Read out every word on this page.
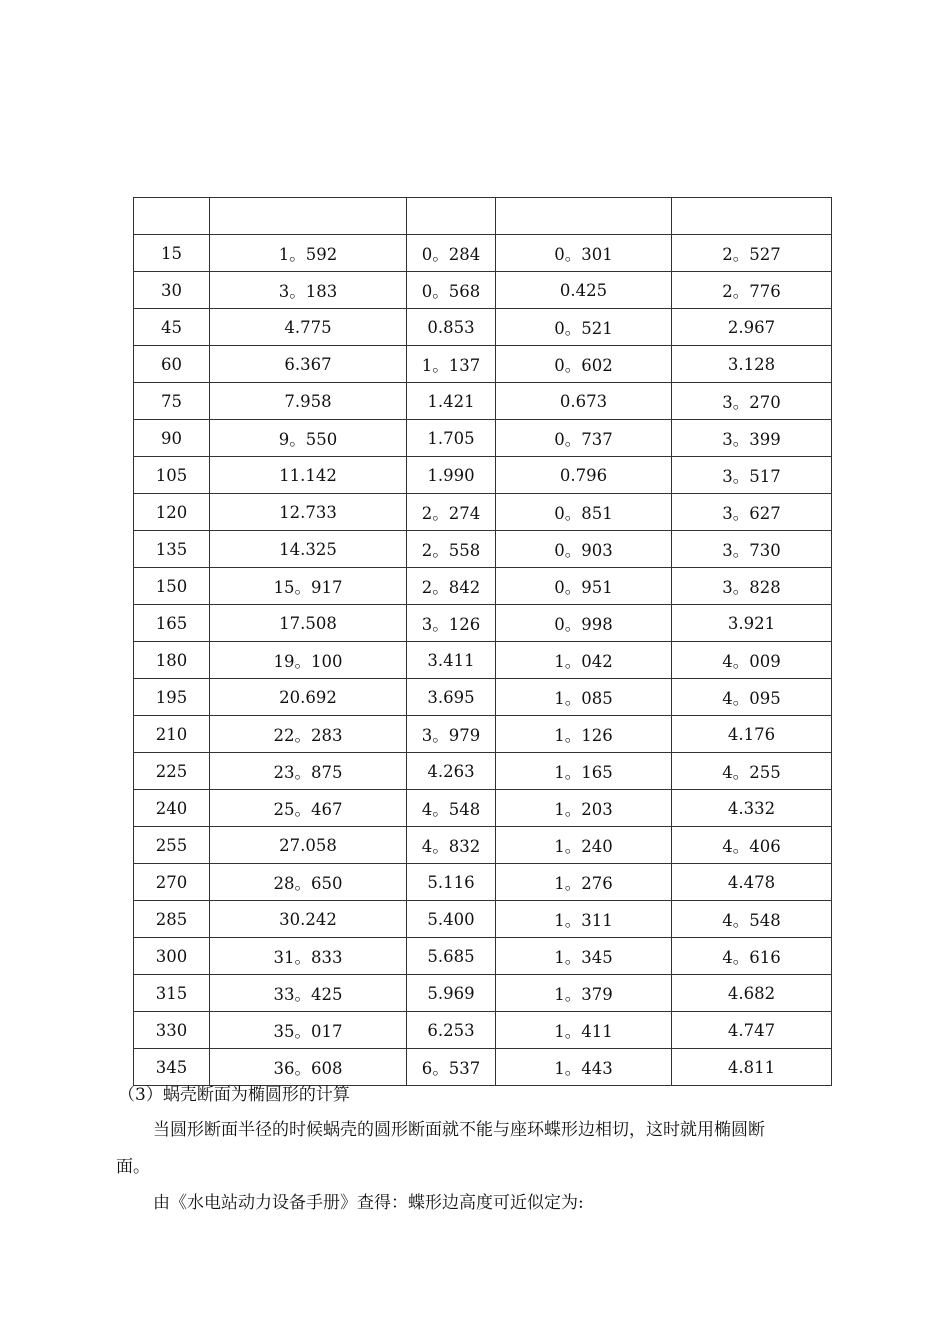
15	1。592	0。284	0。301	2。527
30	3。183	0。568	0.425	2。776
45	4.775	0.853	0。521	2.967
60	6.367	1。137	0。602	3.128
75	7.958	1.421	0.673	3。270
90	9。550	1.705	0。737	3。399
105	11.142	1.990	0.796	3。517
120	12.733	2。274	0。851	3。627
135	14.325	2。558	0。903	3。730
150	15。917	2。842	0。951	3。828
165	17.508	3。126	0。998	3.921
180	19。100	3.411	1。042	4。009
195	20.692	3.695	1。085	4。095
210	22。283	3。979	1。126	4.176
225	23。875	4.263	1。165	4。255
240	25。467	4。548	1。203	4.332
255	27.058	4。832	1。240	4。406
270	28。650	5.116	1。276	4.478
285	30.242	5.400	1。311	4。548
300	31。833	5.685	1。345	4。616
315	33。425	5.969	1。379	4.682
330	35。017	6.253	1。411	4.747
345	36。608	6。537	1。443	4.811
（3）蜗壳断面为椭圆形的计算
当圆形断面半径的时候蜗壳的圆形断面就不能与座环蝶形边相切，这时就用椭圆断
面。
由《水电站动力设备手册》查得：蝶形边高度可近似定为:
